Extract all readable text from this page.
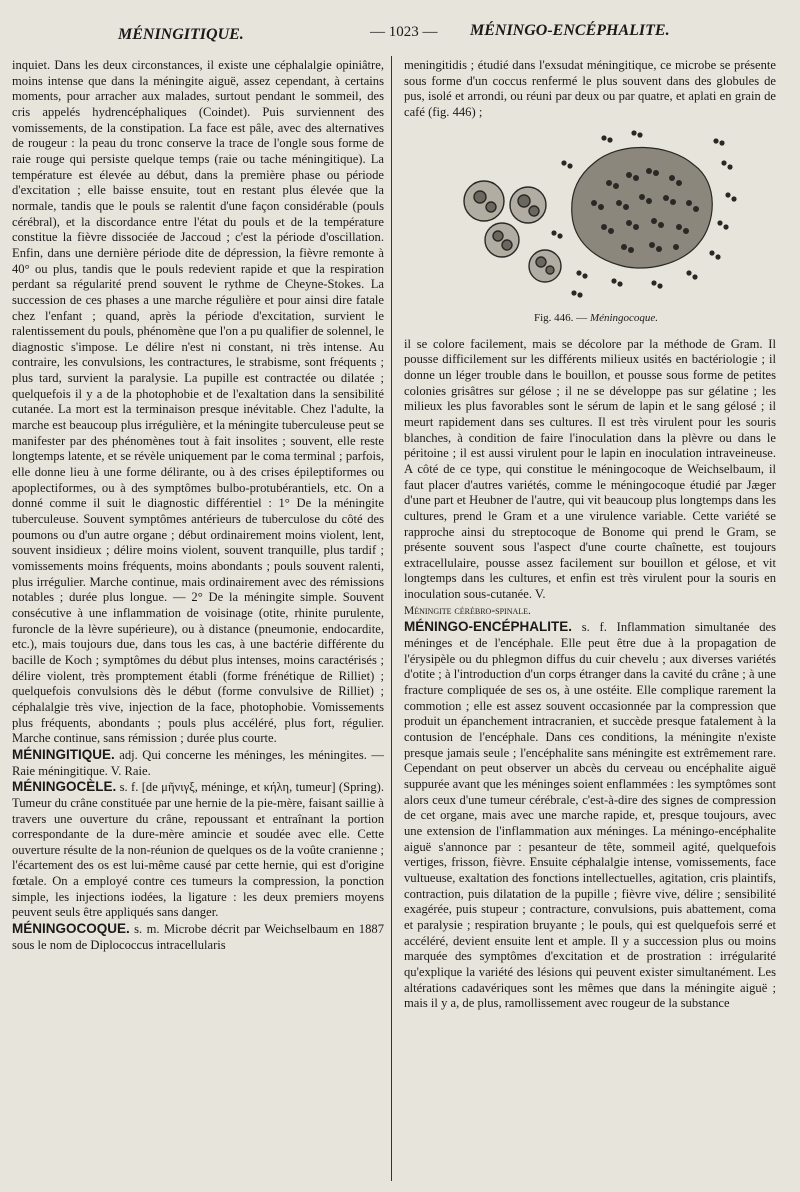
MÉNINGITIQUE.	— 1023 — MÉNINGO-ENCÉPHALITE.

inquiet. Dans les deux circonstances, il existe une céphalalgie opiniâtre, moins intense que dans la méningite aiguë, assez cependant, à certains moments, pour arracher aux malades, surtout pendant le sommeil, des cris appelés hydrencéphaliques (Coindet). Puis surviennent des vomissements, de la constipation. La face est pâle, avec des alternatives de rougeur : la peau du tronc conserve la trace de l'ongle sous forme de raie rouge qui persiste quelque temps (raie ou tache méningitique). La température est élevée au début, dans la première phase ou période d'excitation ; elle baisse ensuite, tout en restant plus élevée que la normale, tandis que le pouls se ralentit d'une façon considérable (pouls cérébral), et la discordance entre l'état du pouls et de la température constitue la fièvre dissociée de Jaccoud ; c'est la période d'oscillation. Enfin, dans une dernière période dite de dépression, la fièvre remonte à 40° ou plus, tandis que le pouls redevient rapide et que la respiration perdant sa régularité prend souvent le rythme de Cheyne-Stokes. La succession de ces phases a une marche régulière et pour ainsi dire fatale chez l'enfant ; quand, après la période d'excitation, survient le ralentissement du pouls, phénomène que l'on a pu qualifier de solennel, le diagnostic s'impose. Le délire n'est ni constant, ni très intense. Au contraire, les convulsions, les contractures, le strabisme, sont fréquents ; plus tard, survient la paralysie. La pupille est contractée ou dilatée ; quelquefois il y a de la photophobie et de l'exaltation dans la sensibilité cutanée. La mort est la terminaison presque inévitable. Chez l'adulte, la marche est beaucoup plus irrégulière, et la méningite tuberculeuse peut se manifester par des phénomènes tout à fait insolites ; souvent, elle reste longtemps latente, et se révèle uniquement par le coma terminal ; parfois, elle donne lieu à une forme délirante, ou à des crises épileptiformes ou apoplectiformes, ou à des symptômes bulbo-protubérantiels, etc. On a donné comme il suit le diagnostic différentiel : 1° De la méningite tuberculeuse. Souvent symptômes antérieurs de tuberculose du côté des poumons ou d'un autre organe ; début ordinairement moins violent, lent, souvent insidieux ; délire moins violent, souvent tranquille, plus tardif ; vomissements moins fréquents, moins abondants ; pouls souvent ralenti, plus irrégulier. Marche continue, mais ordinairement avec des rémissions notables ; durée plus longue. — 2° De la méningite simple. Souvent consécutive à une inflammation de voisinage (otite, rhinite purulente, furoncle de la lèvre supérieure), ou à distance (pneumonie, endocardite, etc.), mais toujours due, dans tous les cas, à une bactérie différente du bacille de Koch ; symptômes du début plus intenses, moins caractérisés ; délire violent, très promptement établi (forme frénétique de Rilliet) ; quelquefois convulsions dès le début (forme convulsive de Rilliet) ; céphalalgie très vive, injection de la face, photophobie. Vomissements plus fréquents, abondants ; pouls plus accéléré, plus fort, régulier. Marche continue, sans rémission ; durée plus courte.

MÉNINGITIQUE. adj. Qui concerne les méninges, les méningites. — Raie méningitique. V. Raie.

MÉNINGOCÈLE. s. f. [de μῆνιγξ, méninge, et κήλη, tumeur] (Spring). Tumeur du crâne constituée par une hernie de la pie-mère, faisant saillie à travers une ouverture du crâne, repoussant et entraînant la portion correspondante de la dure-mère amincie et soudée avec elle. Cette ouverture résulte de la non-réunion de quelques os de la voûte cranienne ; l'écartement des os est lui-même causé par cette hernie, qui est d'origine fœtale. On a employé contre ces tumeurs la compression, la ponction simple, les injections iodées, la ligature : les deux premiers moyens peuvent seuls être appliqués sans danger.

MÉNINGOCOQUE. s. m. Microbe décrit par Weichselbaum en 1887 sous le nom de Diplococcus intracellularis

meningitidis ; étudié dans l'exsudat méningitique, ce microbe se présente sous forme d'un coccus renfermé le plus souvent dans des globules de pus, isolé et arrondi, ou réuni par deux ou par quatre, et aplati en grain de café (fig. 446) ;

Fig. 446. — Méningocoque.

il se colore facilement, mais se décolore par la méthode de Gram. Il pousse difficilement sur les différents milieux usités en bactériologie ; il donne un léger trouble dans le bouillon, et pousse sous forme de petites colonies grisâtres sur gélose ; il ne se développe pas sur gélatine ; les milieux les plus favorables sont le sérum de lapin et le sang gélosé ; il meurt rapidement dans ses cultures. Il est très virulent pour les souris blanches, à condition de faire l'inoculation dans la plèvre ou dans le péritoine ; il est aussi virulent pour le lapin en inoculation intraveineuse. A côté de ce type, qui constitue le méningocoque de Weichselbaum, il faut placer d'autres variétés, comme le méningocoque étudié par Jæger d'une part et Heubner de l'autre, qui vit beaucoup plus longtemps dans les cultures, prend le Gram et a une virulence variable. Cette variété se rapproche ainsi du streptocoque de Bonome qui prend le Gram, se présente souvent sous l'aspect d'une courte chaînette, est toujours extracellulaire, pousse assez facilement sur bouillon et gélose, et vit longtemps dans les cultures, et enfin est très virulent pour la souris en inoculation sous-cutanée. V.
Méningite cérébro-spinale.

MÉNINGO-ENCÉPHALITE. s. f. Inflammation simultanée des méninges et de l'encéphale. Elle peut être due à la propagation de l'érysipèle ou du phlegmon diffus du cuir chevelu ; aux diverses variétés d'otite ; à l'introduction d'un corps étranger dans la cavité du crâne ; à une fracture compliquée de ses os, à une ostéite. Elle complique rarement la commotion ; elle est assez souvent occasionnée par la compression que produit un épanchement intracranien, et succède presque fatalement à la contusion de l'encéphale. Dans ces conditions, la méningite n'existe presque jamais seule ; l'encéphalite sans méningite est extrêmement rare. Cependant on peut observer un abcès du cerveau ou encéphalite aiguë suppurée avant que les méninges soient enflammées : les symptômes sont alors ceux d'une tumeur cérébrale, c'est-à-dire des signes de compression de cet organe, mais avec une marche rapide, et, presque toujours, avec une extension de l'inflammation aux méninges. La méningo-encéphalite aiguë s'annonce par : pesanteur de tête, sommeil agité, quelquefois vertiges, frisson, fièvre. Ensuite céphalalgie intense, vomissements, face vultueuse, exaltation des fonctions intellectuelles, agitation, cris plaintifs, contraction, puis dilatation de la pupille ; fièvre vive, délire ; sensibilité exagérée, puis stupeur ; contracture, convulsions, puis abattement, coma et paralysie ; respiration bruyante ; le pouls, qui est quelquefois serré et accéléré, devient ensuite lent et ample. Il y a succession plus ou moins marquée des symptômes d'excitation et de prostration : irrégularité qu'explique la variété des lésions qui peuvent exister simultanément. Les altérations cadavériques sont les mêmes que dans la méningite aiguë ; mais il y a, de plus, ramollissement avec rougeur de la substance
